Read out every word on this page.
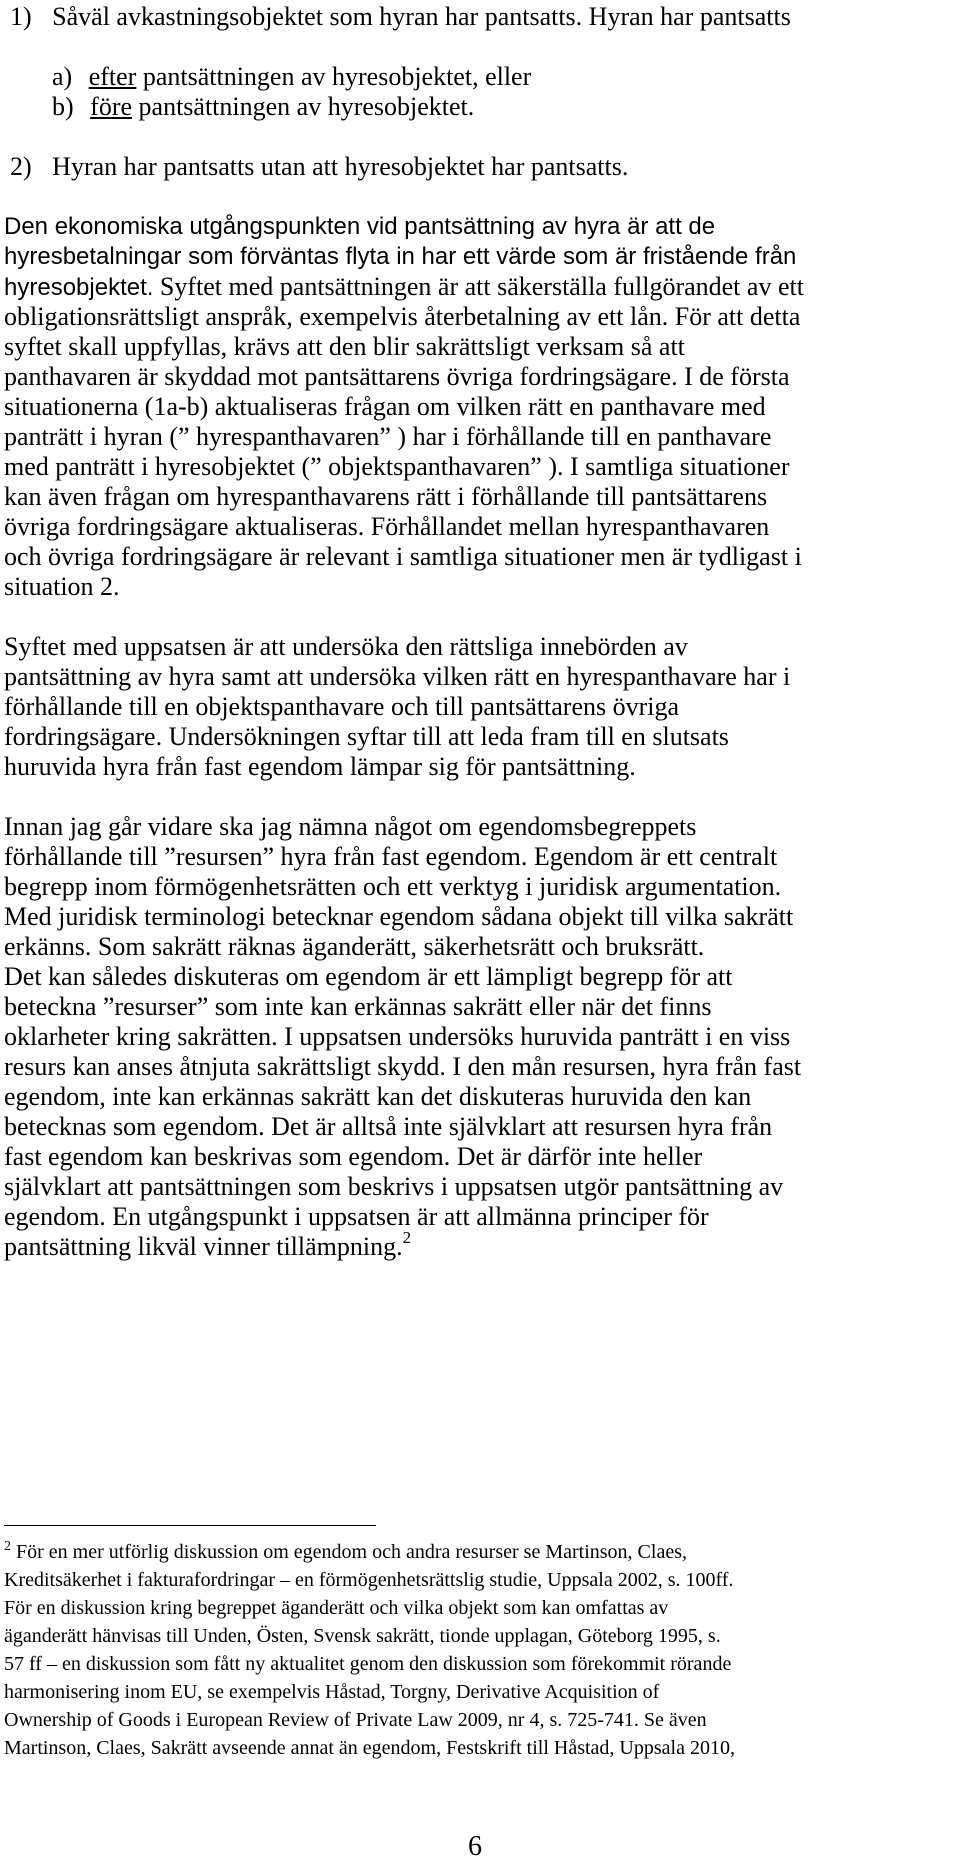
1) Såväl avkastningsobjektet som hyran har pantsatts. Hyran har pantsatts
a) efter pantsättningen av hyresobjektet, eller
b) före pantsättningen av hyresobjektet.
2) Hyran har pantsatts utan att hyresobjektet har pantsatts.
Den ekonomiska utgångspunkten vid pantsättning av hyra är att de
hyresbetalningar som förväntas flyta in har ett värde som är fristående från
hyresobjektet. Syftet med pantsättningen är att säkerställa fullgörandet av ett
obligationsrättsligt anspråk, exempelvis återbetalning av ett lån. För att detta
syftet skall uppfyllas, krävs att den blir sakrättsligt verksam så att
panthavaren är skyddad mot pantsättarens övriga fordringsägare. I de första
situationerna (1a-b) aktualiseras frågan om vilken rätt en panthavare med
panträtt i hyran (” hyrespanthavaren” ) har i förhållande till en panthavare
med panträtt i hyresobjektet (” objektspanthavaren” ). I samtliga situationer
kan även frågan om hyrespanthavarens rätt i förhållande till pantsättarens
övriga fordringsägare aktualiseras. Förhållandet mellan hyrespanthavaren
och övriga fordringsägare är relevant i samtliga situationer men är tydligast i
situation 2.
Syftet med uppsatsen är att undersöka den rättsliga innebörden av
pantsättning av hyra samt att undersöka vilken rätt en hyrespanthavare har i
förhållande till en objektspanthavare och till pantsättarens övriga
fordringsägare. Undersökningen syftar till att leda fram till en slutsats
huruvida hyra från fast egendom lämpar sig för pantsättning.
Innan jag går vidare ska jag nämna något om egendomsbegreppets
förhållande till ”resursen” hyra från fast egendom. Egendom är ett centralt
begrepp inom förmögenhetsrätten och ett verktyg i juridisk argumentation.
Med juridisk terminologi betecknar egendom sådana objekt till vilka sakrätt
erkänns. Som sakrätt räknas äganderätt, säkerhetsrätt och bruksrätt.
Det kan således diskuteras om egendom är ett lämpligt begrepp för att
beteckna ”resurser” som inte kan erkännas sakrätt eller när det finns
oklarheter kring sakrätten. I uppsatsen undersöks huruvida panträtt i en viss
resurs kan anses åtnjuta sakrättsligt skydd. I den mån resursen, hyra från fast
egendom, inte kan erkännas sakrätt kan det diskuteras huruvida den kan
betecknas som egendom. Det är alltså inte självklart att resursen hyra från
fast egendom kan beskrivas som egendom. Det är därför inte heller
självklart att pantsättningen som beskrivs i uppsatsen utgör pantsättning av
egendom. En utgångspunkt i uppsatsen är att allmänna principer för
pantsättning likväl vinner tillämpning.$^2$
$^2$ För en mer utförlig diskussion om egendom och andra resurser se Martinson, Claes,
Kreditsäkerhet i fakturafordringar – en förmögenhetsrättslig studie, Uppsala 2002, s. 100ff.
För en diskussion kring begreppet äganderätt och vilka objekt som kan omfattas av
äganderätt hänvisas till Unden, Östen, Svensk sakrätt, tionde upplagan, Göteborg 1995, s.
57 ff – en diskussion som fått ny aktualitet genom den diskussion som förekommit rörande
harmonisering inom EU, se exempelvis Håstad, Torgny, Derivative Acquisition of
Ownership of Goods i European Review of Private Law 2009, nr 4, s. 725-741. Se även
Martinson, Claes, Sakrätt avseende annat än egendom, Festskrift till Håstad, Uppsala 2010,
6
